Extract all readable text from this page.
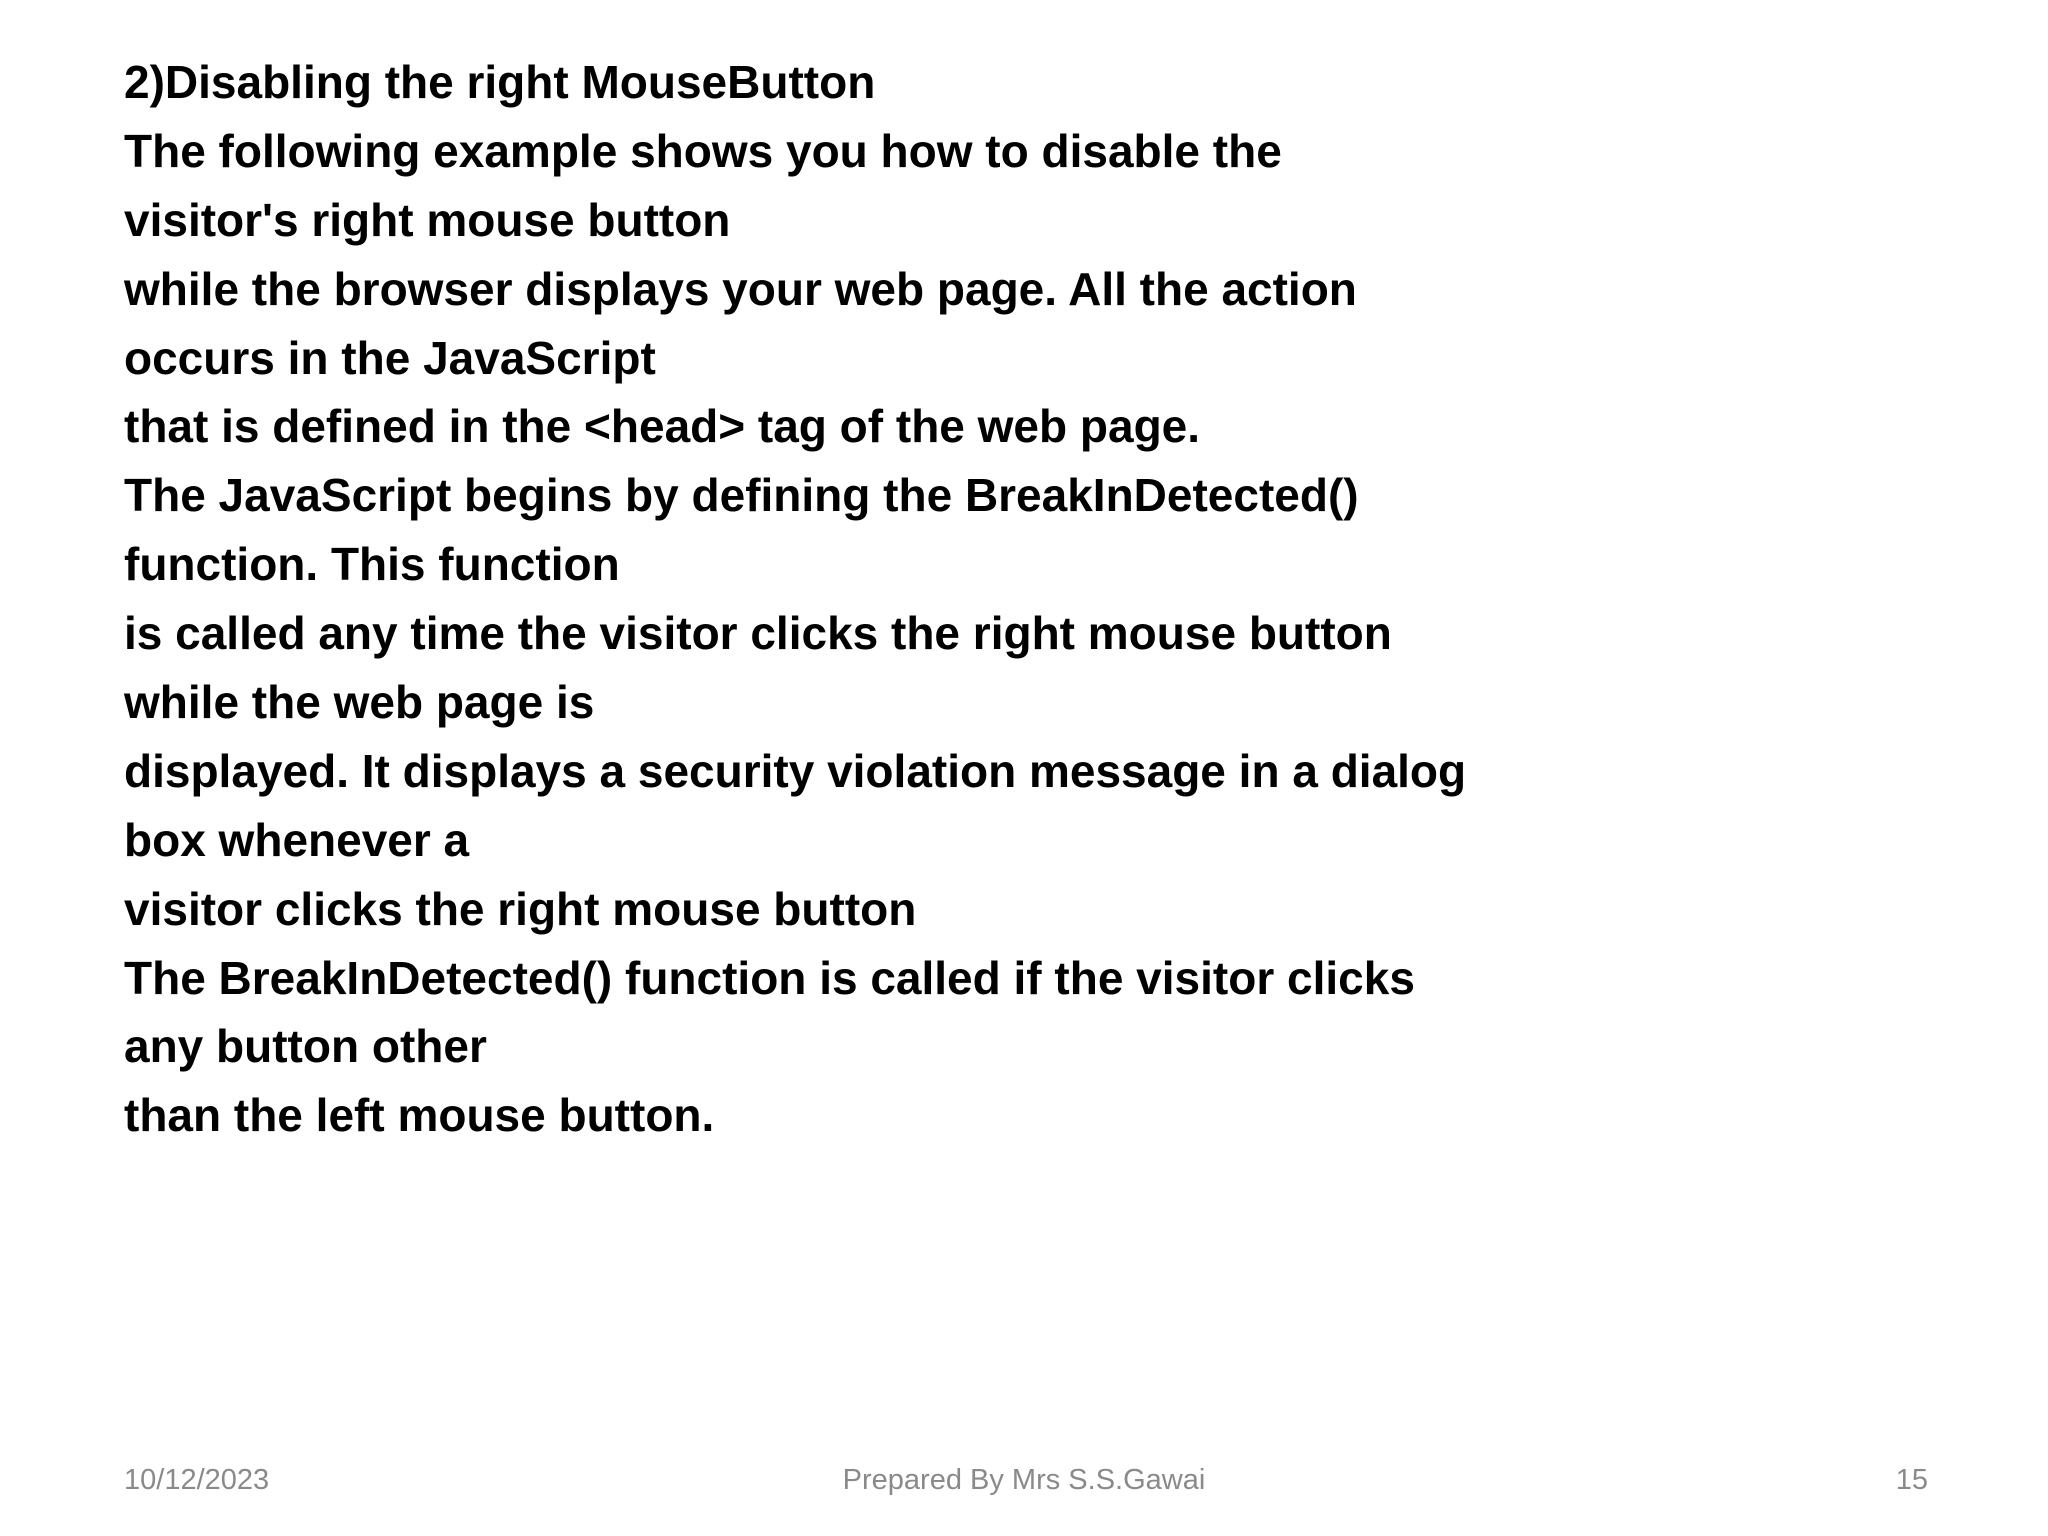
2)Disabling the right MouseButton
The following example shows you how to disable the
visitor's right mouse button
while the browser displays your web page. All the action
occurs in the JavaScript
that is defined in the <head> tag of the web page.
The JavaScript begins by defining the BreakInDetected()
function. This function
is called any time the visitor clicks the right mouse button
while the web page is
displayed. It displays a security violation message in a dialog
box whenever a
visitor clicks the right mouse button
The BreakInDetected() function is called if the visitor clicks
any button other
than the left mouse button.
10/12/2023	Prepared By Mrs S.S.Gawai	15
